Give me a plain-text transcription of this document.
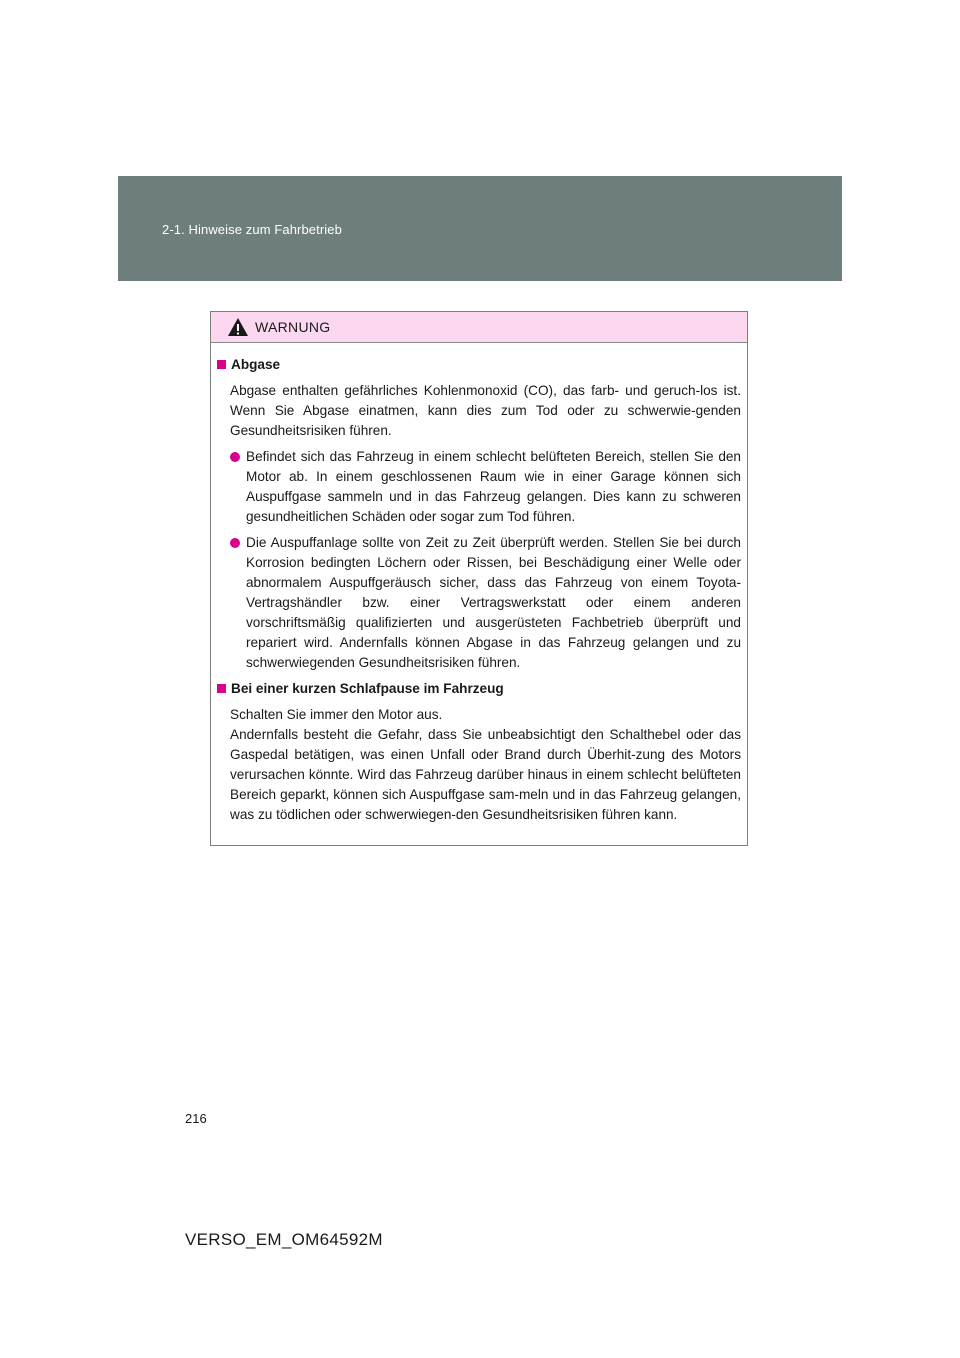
2-1. Hinweise zum Fahrbetrieb
WARNUNG
Abgase
Abgase enthalten gefährliches Kohlenmonoxid (CO), das farb- und geruch-los ist. Wenn Sie Abgase einatmen, kann dies zum Tod oder zu schwerwie-genden Gesundheitsrisiken führen.
Befindet sich das Fahrzeug in einem schlecht belüfteten Bereich, stellen Sie den Motor ab. In einem geschlossenen Raum wie in einer Garage können sich Auspuffgase sammeln und in das Fahrzeug gelangen. Dies kann zu schweren gesundheitlichen Schäden oder sogar zum Tod führen.
Die Auspuffanlage sollte von Zeit zu Zeit überprüft werden. Stellen Sie bei durch Korrosion bedingten Löchern oder Rissen, bei Beschädigung einer Welle oder abnormalem Auspuffgeräusch sicher, dass das Fahrzeug von einem Toyota-Vertragshändler bzw. einer Vertragswerkstatt oder einem anderen vorschriftsmäßig qualifizierten und ausgerüsteten Fachbetrieb überprüft und repariert wird. Andernfalls können Abgase in das Fahrzeug gelangen und zu schwerwiegenden Gesundheitsrisiken führen.
Bei einer kurzen Schlafpause im Fahrzeug
Schalten Sie immer den Motor aus.
Andernfalls besteht die Gefahr, dass Sie unbeabsichtigt den Schalthebel oder das Gaspedal betätigen, was einen Unfall oder Brand durch Überhit-zung des Motors verursachen könnte. Wird das Fahrzeug darüber hinaus in einem schlecht belüfteten Bereich geparkt, können sich Auspuffgase sam-meln und in das Fahrzeug gelangen, was zu tödlichen oder schwerwiegen-den Gesundheitsrisiken führen kann.
216
VERSO_EM_OM64592M
